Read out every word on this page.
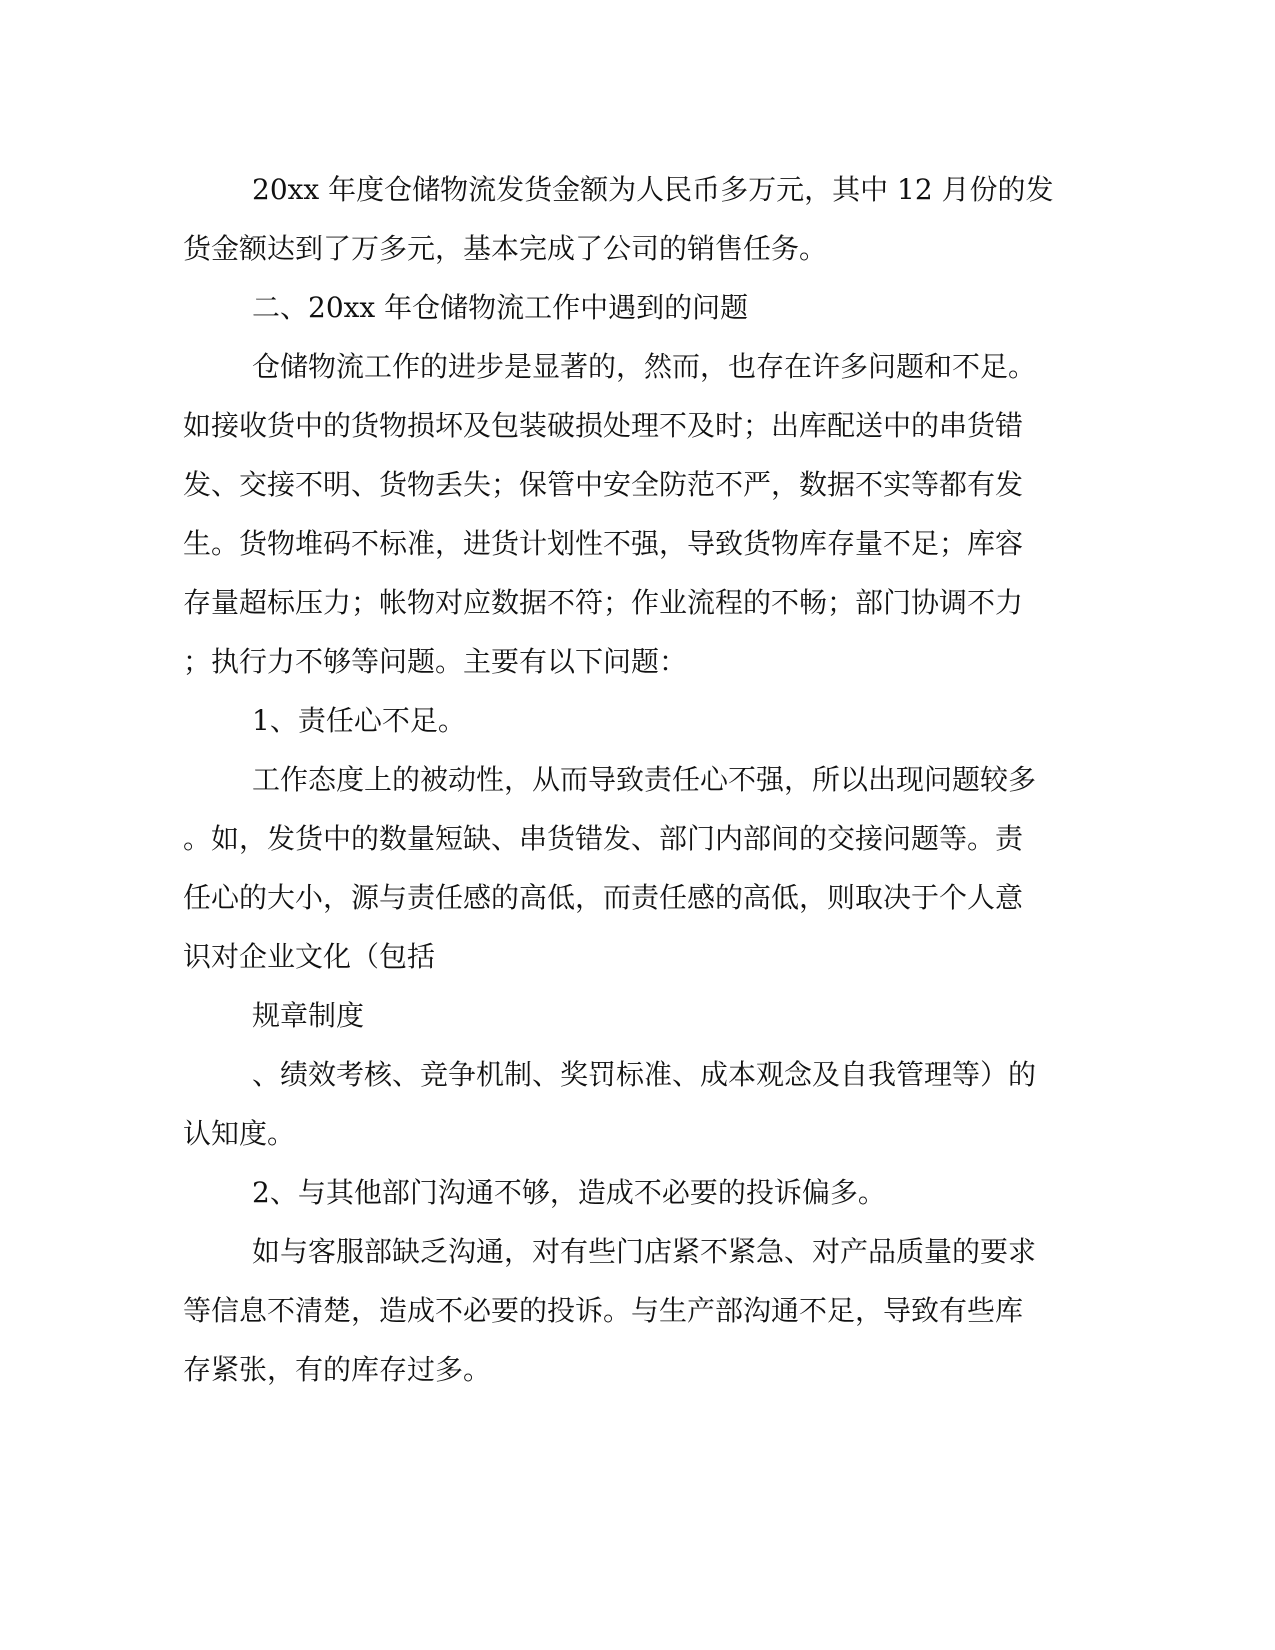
20xx 年度仓储物流发货金额为人民币多万元，其中 12 月份的发
货金额达到了万多元，基本完成了公司的销售任务。
二、20xx 年仓储物流工作中遇到的问题
仓储物流工作的进步是显著的，然而，也存在许多问题和不足。
如接收货中的货物损坏及包装破损处理不及时；出库配送中的串货错
发、交接不明、货物丢失；保管中安全防范不严，数据不实等都有发
生。货物堆码不标准，进货计划性不强，导致货物库存量不足；库容
存量超标压力；帐物对应数据不符；作业流程的不畅；部门协调不力
；执行力不够等问题。主要有以下问题：
1、责任心不足。
工作态度上的被动性，从而导致责任心不强，所以出现问题较多
。如，发货中的数量短缺、串货错发、部门内部间的交接问题等。责
任心的大小，源与责任感的高低，而责任感的高低，则取决于个人意
识对企业文化（包括
规章制度
、绩效考核、竞争机制、奖罚标准、成本观念及自我管理等）的
认知度。
2、与其他部门沟通不够，造成不必要的投诉偏多。
如与客服部缺乏沟通，对有些门店紧不紧急、对产品质量的要求
等信息不清楚，造成不必要的投诉。与生产部沟通不足，导致有些库
存紧张，有的库存过多。
